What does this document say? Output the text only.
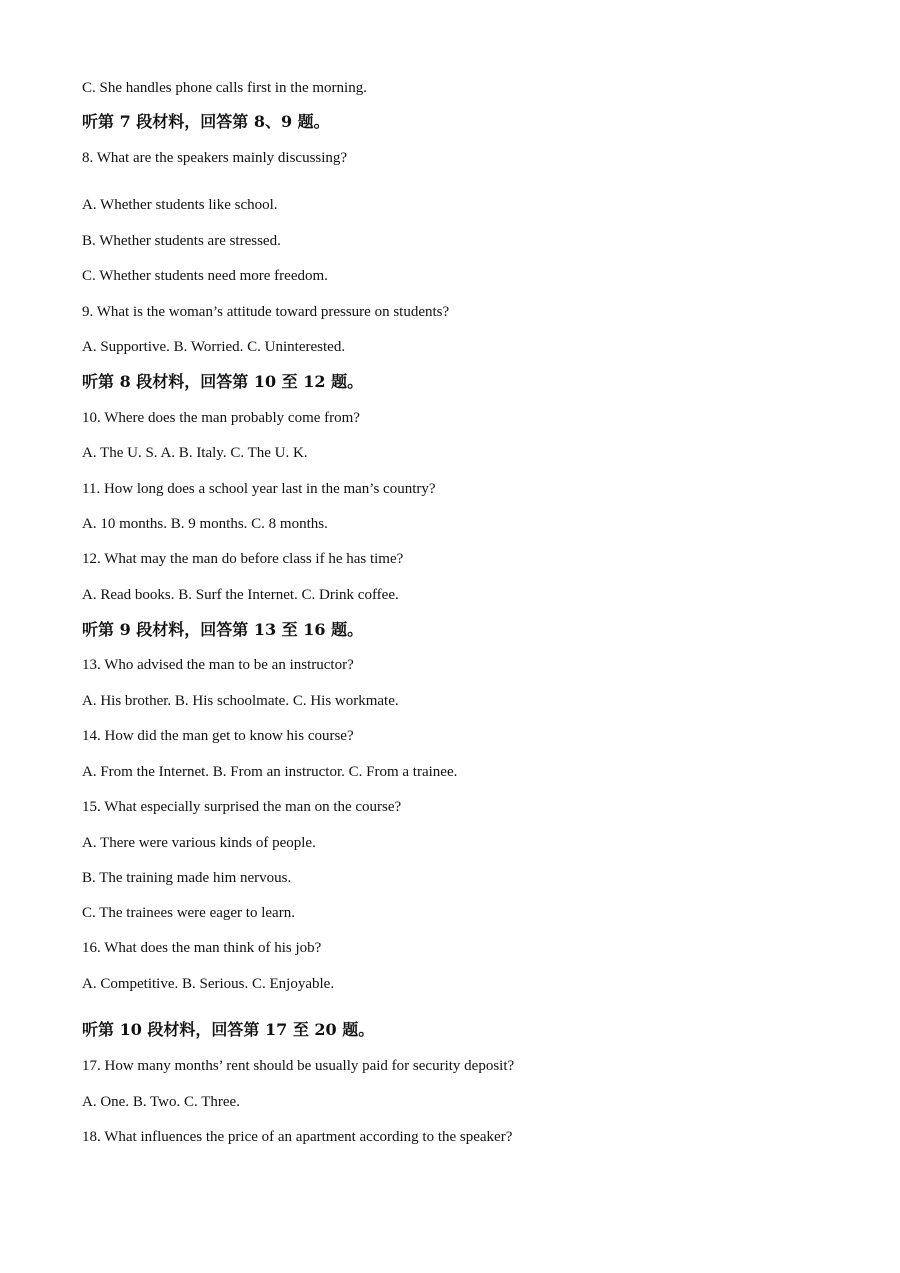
C. She handles phone calls first in the morning.
听第 7 段材料，回答第 8、9 题。
8. What are the speakers mainly discussing?
A. Whether students like school.
B. Whether students are stressed.
C. Whether students need more freedom.
9. What is the woman’s attitude toward pressure on students?
A. Supportive. B. Worried. C. Uninterested.
听第 8 段材料，回答第 10 至 12 题。
10. Where does the man probably come from?
A. The U. S. A. B. Italy. C. The U. K.
11. How long does a school year last in the man’s country?
A. 10 months. B. 9 months. C. 8 months.
12. What may the man do before class if he has time?
A. Read books. B. Surf the Internet. C. Drink coffee.
听第 9 段材料，回答第 13 至 16 题。
13. Who advised the man to be an instructor?
A. His brother. B. His schoolmate. C. His workmate.
14. How did the man get to know his course?
A. From the Internet. B. From an instructor. C. From a trainee.
15. What especially surprised the man on the course?
A. There were various kinds of people.
B. The training made him nervous.
C. The trainees were eager to learn.
16. What does the man think of his job?
A. Competitive. B. Serious. C. Enjoyable.
听第 10 段材料，回答第 17 至 20 题。
17. How many months’ rent should be usually paid for security deposit?
A. One. B. Two. C. Three.
18. What influences the price of an apartment according to the speaker?
